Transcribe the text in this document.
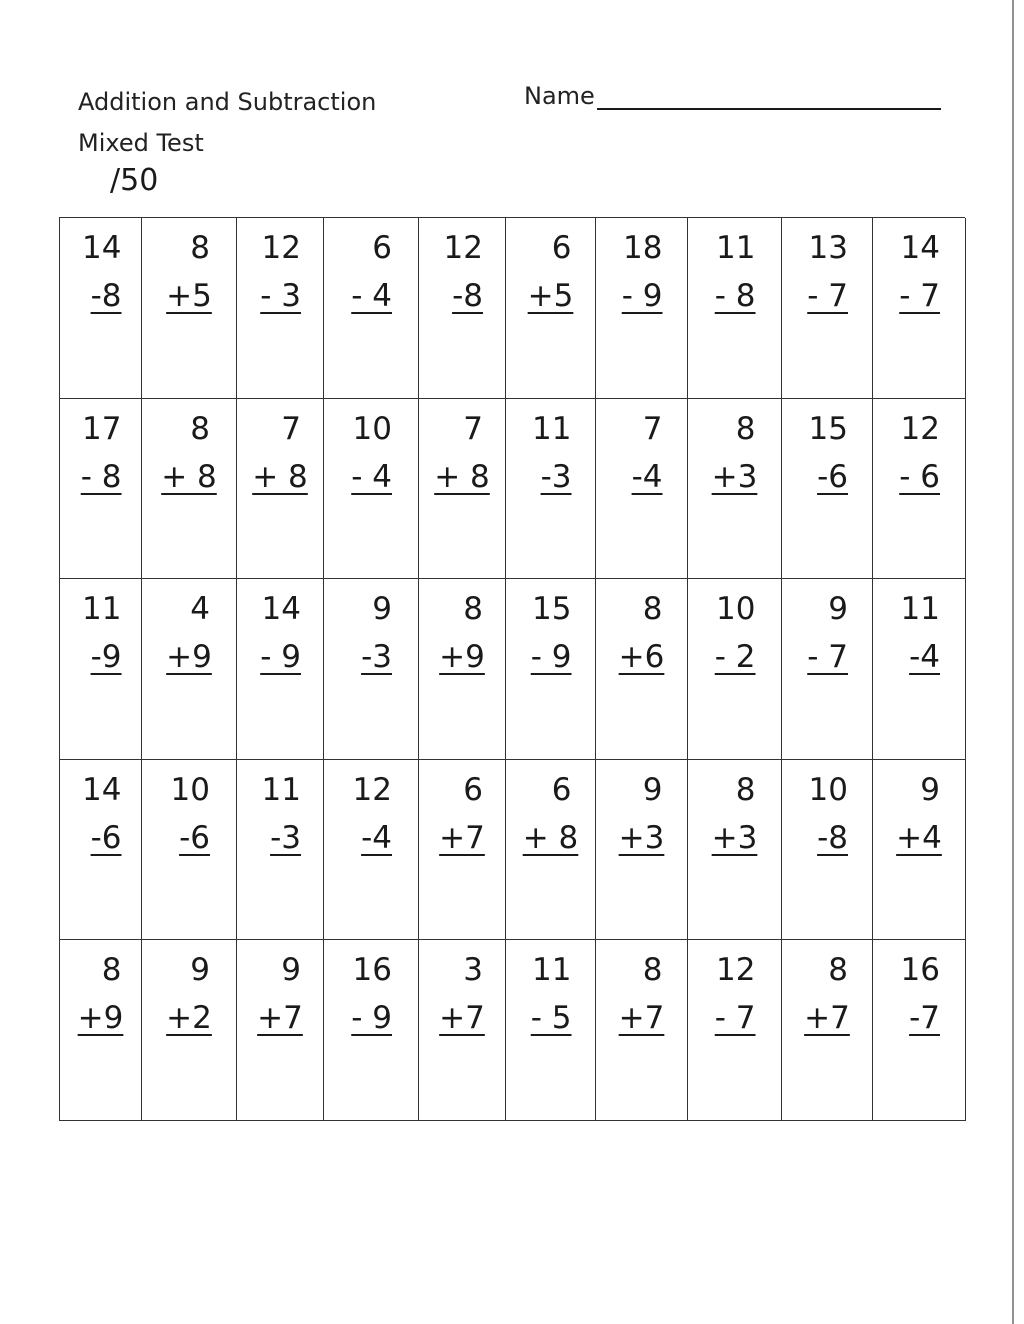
Addition and Subtraction
Mixed Test
/50
Name
14
-8
8
+5
12
- 3
6
- 4
12
-8
6
+5
18
- 9
11
- 8
13
- 7
14
- 7
17
- 8
8
+ 8
7
+ 8
10
- 4
7
+ 8
11
-3
7
-4
8
+3
15
-6
12
- 6
11
-9
4
+9
14
- 9
9
-3
8
+9
15
- 9
8
+6
10
- 2
9
- 7
11
-4
14
-6
10
-6
11
-3
12
-4
6
+7
6
+ 8
9
+3
8
+3
10
-8
9
+4
8
+9
9
+2
9
+7
16
- 9
3
+7
11
- 5
8
+7
12
- 7
8
+7
16
-7
